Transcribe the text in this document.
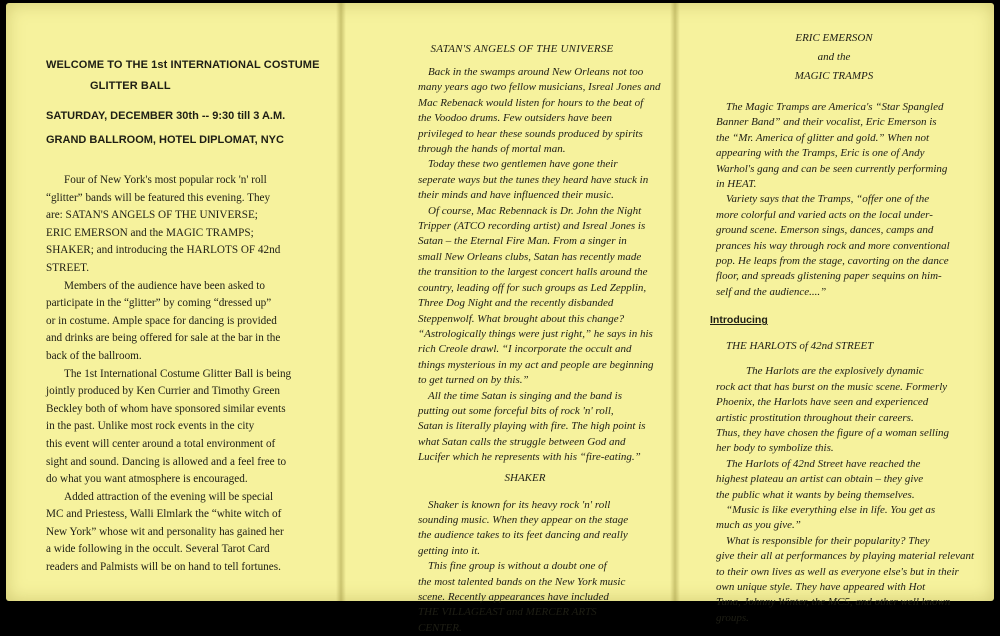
WELCOME TO THE 1st INTERNATIONAL COSTUME
GLITTER BALL

SATURDAY, DECEMBER 30th -- 9:30 till 3 A.M.

GRAND BALLROOM, HOTEL DIPLOMAT, NYC

Four of New York's most popular rock 'n' roll
“glitter” bands will be featured this evening. They
are: SATAN'S ANGELS OF THE UNIVERSE;
ERIC EMERSON and the MAGIC TRAMPS;
SHAKER; and introducing the HARLOTS OF 42nd
STREET.

Members of the audience have been asked to
participate in the “glitter” by coming “dressed up”
or in costume. Ample space for dancing is provided
and drinks are being offered for sale at the bar in the
back of the ballroom.

The 1st International Costume Glitter Ball is being
jointly produced by Ken Currier and Timothy Green
Beckley both of whom have sponsored similar events
in the past. Unlike most rock events in the city
this event will center around a total environment of
sight and sound. Dancing is allowed and a feel free to
do what you want atmosphere is encouraged.

Added attraction of the evening will be special
MC and Priestess, Walli Elmlark the “white witch of
New York” whose wit and personality has gained her
a wide following in the occult. Several Tarot Card
readers and Palmists will be on hand to tell fortunes.

SATAN'S ANGELS OF THE UNIVERSE

Back in the swamps around New Orleans not too
many years ago two fellow musicians, Isreal Jones and
Mac Rebenack would listen for hours to the beat of
the Voodoo drums. Few outsiders have been
privileged to hear these sounds produced by spirits
through the hands of mortal man.

Today these two gentlemen have gone their
seperate ways but the tunes they heard have stuck in
their minds and have influenced their music.

Of course, Mac Rebennack is Dr. John the Night
Tripper (ATCO recording artist) and Isreal Jones is
Satan – the Eternal Fire Man. From a singer in
small New Orleans clubs, Satan has recently made
the transition to the largest concert halls around the
country, leading off for such groups as Led Zepplin,
Three Dog Night and the recently disbanded
Steppenwolf. What brought about this change?
“Astrologically things were just right,” he says in his
rich Creole drawl. “I incorporate the occult and
things mysterious in my act and people are beginning
to get turned on by this.”

All the time Satan is singing and the band is
putting out some forceful bits of rock 'n' roll,
Satan is literally playing with fire. The high point is
what Satan calls the struggle between God and
Lucifer which he represents with his “fire-eating.”

SHAKER

Shaker is known for its heavy rock 'n' roll
sounding music. When they appear on the stage
the audience takes to its feet dancing and really
getting into it.

This fine group is without a doubt one of
the most talented bands on the New York music
scene. Recently appearances have included
THE VILLAGEAST and MERCER ARTS
CENTER.

ERIC EMERSON

and the

MAGIC TRAMPS

The Magic Tramps are America's “Star Spangled
Banner Band” and their vocalist, Eric Emerson is
the “Mr. America of glitter and gold.” When not
appearing with the Tramps, Eric is one of Andy
Warhol's gang and can be seen currently performing
in HEAT.

Variety says that the Tramps, “offer one of the
more colorful and varied acts on the local under-
ground scene. Emerson sings, dances, camps and
prances his way through rock and more conventional
pop. He leaps from the stage, cavorting on the dance
floor, and spreads glistening paper sequins on him-
self and the audience....”

Introducing

THE HARLOTS of 42nd STREET

The Harlots are the explosively dynamic
rock act that has burst on the music scene. Formerly
Phoenix, the Harlots have seen and experienced
artistic prostitution throughout their careers.
Thus, they have chosen the figure of a woman selling
her body to symbolize this.

The Harlots of 42nd Street have reached the
highest plateau an artist can obtain – they give
the public what it wants by being themselves.

“Music is like everything else in life. You get as
much as you give.”

What is responsible for their popularity? They
give their all at performances by playing material relevant
to their own lives as well as everyone else's but in their
own unique style. They have appeared with Hot
Tuna, Johnny Winter, the MC5, and other well known
groups.
